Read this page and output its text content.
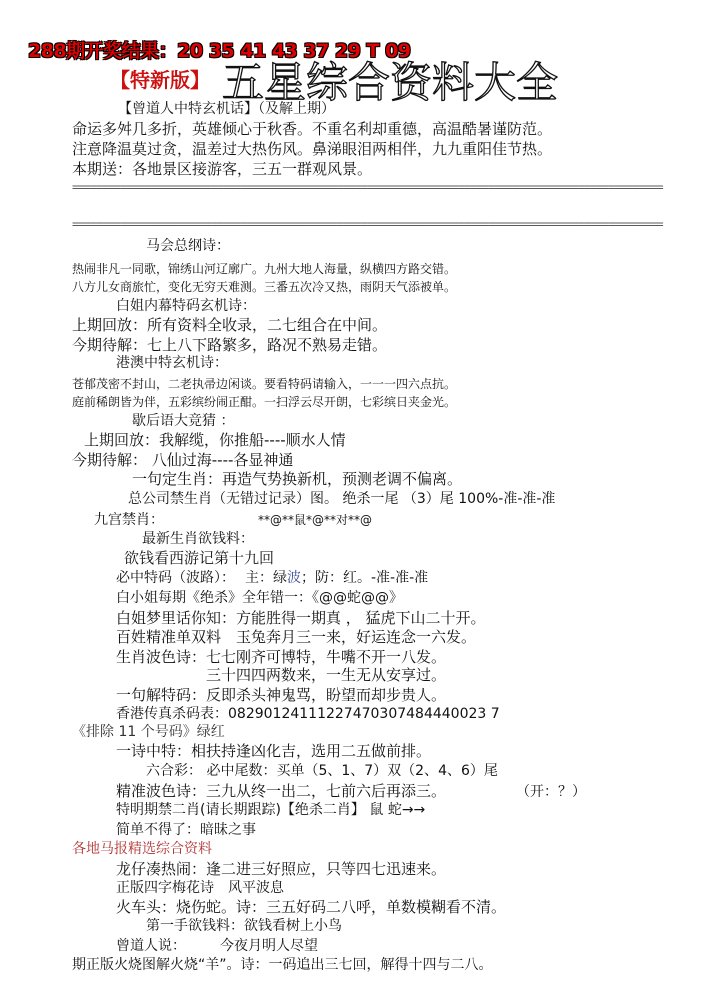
288期开奖结果：20 35 41 43 37 29 T 09
【特新版】 五星综合资料大全
【曾道人中特玄机话】（及解上期）
命运多舛几多折，英雄倾心于秋香。不重名利却重德，高温酷暑谨防范。
注意降温莫过贪，温差过大热伤风。鼻涕眼泪两相伴，九九重阳佳节热。
本期送：各地景区接游客，三五一群观风景。
==================================================================================================
==================================================================================================
马会总纲诗：
热闹非凡一同歌，锦绣山河辽廓广。九州大地人海量，纵横四方路交错。
八方儿女商旅忙，变化无穷天难测。三番五次冷又热，雨阴天气添被单。
白姐内幕特码玄机诗：
上期回放：所有资料全收录，二七组合在中间。
今期待解：七上八下路繁多，路况不熟易走错。
港澳中特玄机诗：
苍郁茂密不封山，二老执帚边闲谈。要看特码请输入，一一一四六点抗。
庭前稀朗皆为伴，五彩缤纷闹正酣。一扫浮云尽开朗，七彩缤日夹金光。
歇后语大竞猜 ：
上期回放：我解缆，你推船----顺水人情
今期待解： 八仙过海----各显神通
一句定生肖：再造气势换新机，预测老调不偏离。
总公司禁生肖（无错过记录）图。 绝杀一尾 （3）尾 100%-准-准-准
九宫禁肖：	**@**鼠*@**对**@
最新生肖欲钱料：
欲钱看西游记第十九回
必中特码（波路）： 主：绿波；防：红。-准-准-准
白小姐每期《绝杀》全年错一：《@@蛇@@》
白姐梦里话你知：方能胜得一期真 ， 猛虎下山二十开。
百姓精准单双料　玉兔奔月三一来，好运连念一六发。
生肖波色诗：七七刚齐可博特，牛嘴不开一八发。
三十四四两数来，一生无从安享过。
一句解特码：反即杀头神鬼骂，盼望而却步贵人。
香港传真杀码表：08290124111227470307484440023 7
《排除 11 个号码》绿红
一诗中特：相扶持逢凶化吉，选用二五做前排。
六合彩： 必中尾数：买单（5、1、7）双（2、4、6）尾
精准波色诗：三九从终一出二，七前六后再添三。	（开：？）
特明期禁二肖(请长期跟踪)【绝杀二肖】 鼠 蛇→→
简单不得了：暗昧之事
各地马报精选综合资料
龙仔凑热闹：逢二进三好照应，只等四七迅速来。
正版四字梅花诗　风平波息
火车头：烧伤蛇。诗：三五好码二八呼，单数模糊看不清。
第一手欲钱料：欲钱看树上小鸟
曾道人说： 今夜月明人尽望
期正版火烧图解火烧“羊”。诗：一码追出三七回，解得十四与二八。
